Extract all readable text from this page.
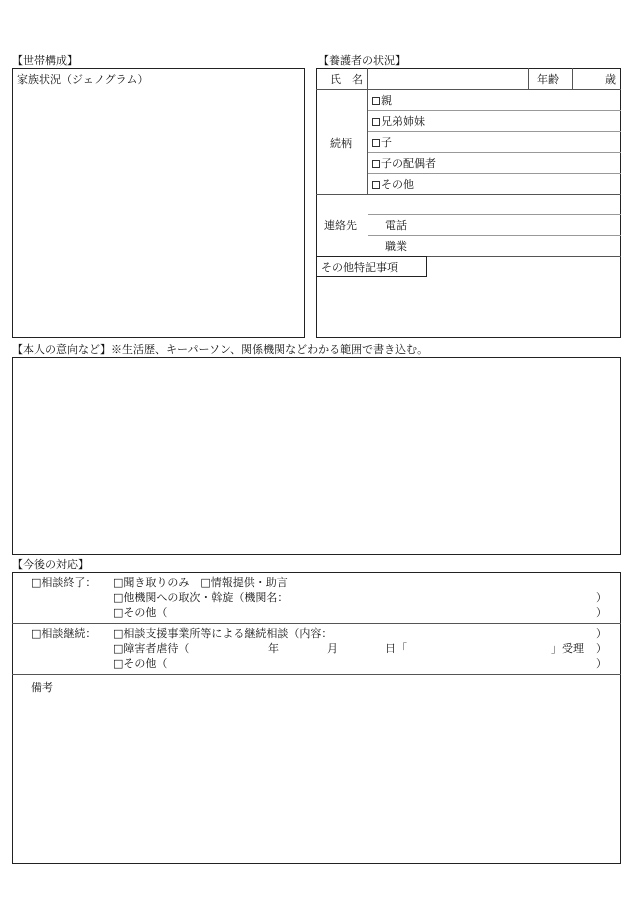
【世帯構成】
家族状況（ジェノグラム）
【養護者の状況】
氏　名	年齢	歳
続柄
親
兄弟姉妹
子
子の配偶者
その他
連絡先	電話
職業
その他特記事項
【本人の意向など】※生活歴、キーパーソン、関係機関などわかる範囲で書き込む。
【今後の対応】
□相談終了： □聞き取りのみ　□情報提供・助言
□他機関への取次・斡旋（機関名：	）
□その他（	）
□相談継続： □相談支援事業所等による継続相談（内容：	）
□障害者虐待（	年	月	日「	」受理 ）
□その他（	）
備考
